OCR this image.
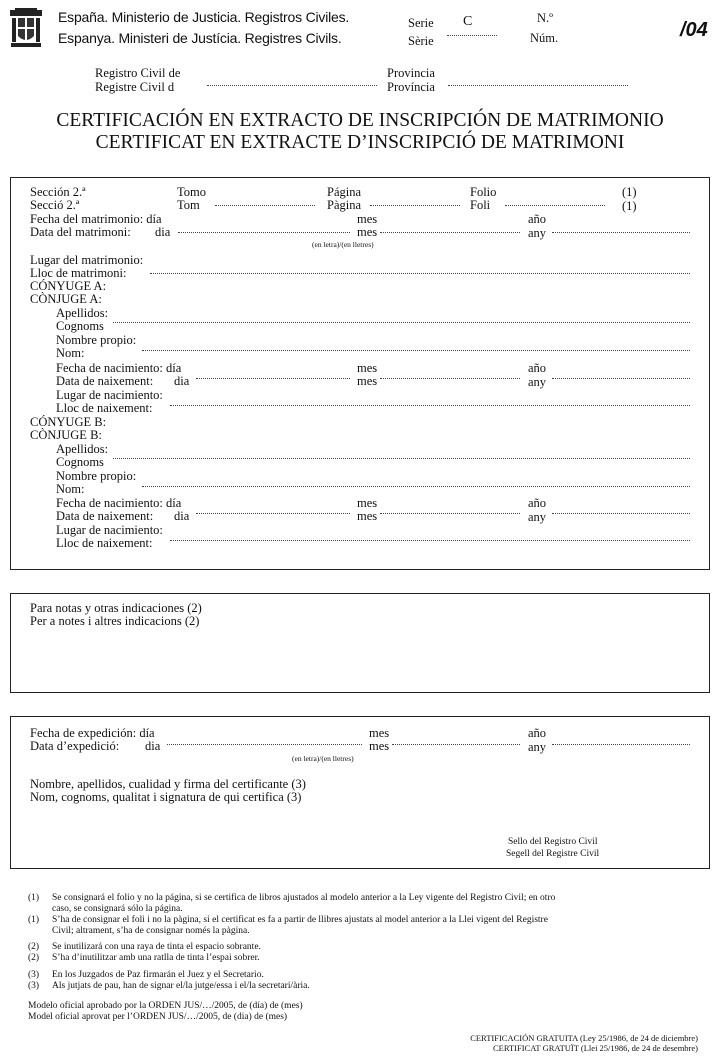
España. Ministerio de Justicia. Registros Civiles.
Espanya. Ministeri de Justícia. Registres Civils.
Serie
Sèrie
C	N.º
Núm.	/04
Registro Civil de
Registre Civil d
Provincia
Província
CERTIFICACIÓN EN EXTRACTO DE INSCRIPCIÓN DE MATRIMONIO
CERTIFICAT EN EXTRACTE D’INSCRIPCIÓ DE MATRIMONI
Sección 2.ª
Secció 2.ª
Tomo
Tom
Página
Pàgina
Folio
Foli
(1)
(1)
Fecha del matrimonio: día
Data del matrimoni: dia
mes
mes
año
any
(en letra)/(en lletres)
Lugar del matrimonio:
Lloc de matrimoni:
CÓNYUGE A:
CÒNJUGE A:
Apellidos:
Cognoms
Nombre propio:
Nom:
Fecha de nacimiento: día
Data de naixement: dia
mes
mes
año
any
Lugar de nacimiento:
Lloc de naixement:
CÓNYUGE B:
CÒNJUGE B:
Apellidos:
Cognoms
Nombre propio:
Nom:
Fecha de nacimiento: día
Data de naixement: dia
mes
mes
año
any
Lugar de nacimiento:
Lloc de naixement:
Para notas y otras indicaciones (2)
Per a notes i altres indicacions (2)
Fecha de expedición: día
Data d’expedició: dia
mes
mes
año
any
(en letra)/(en lletres)
Nombre, apellidos, cualidad y firma del certificante (3)
Nom, cognoms, qualitat i signatura de qui certifica (3)
Sello del Registro Civil
Segell del Registre Civil
(1) Se consignará el folio y no la página, si se certifica de libros ajustados al modelo anterior a la Ley vigente del Registro Civil; en otro
caso, se consignará sólo la página.
(1) S’ha de consignar el foli i no la pàgina, si el certificat es fa a partir de llibres ajustats al model anterior a la Llei vigent del Registre
Civil; altrament, s’ha de consignar només la pàgina.
(2) Se inutilizará con una raya de tinta el espacio sobrante.
(2) S’ha d’inutilitzar amb una ratlla de tinta l’espai sobrer.
(3) En los Juzgados de Paz firmarán el Juez y el Secretario.
(3) Als jutjats de pau, han de signar el/la jutge/essa i el/la secretari/ària.
Modelo oficial aprobado por la ORDEN JUS/…/2005, de (día) de (mes)
Model oficial aprovat per l’ORDEN JUS/…/2005, de (dia) de (mes)
CERTIFICACIÓN GRATUITA (Ley 25/1986, de 24 de diciembre)
CERTIFICAT GRATUÏT (Llei 25/1986, de 24 de desembre)
